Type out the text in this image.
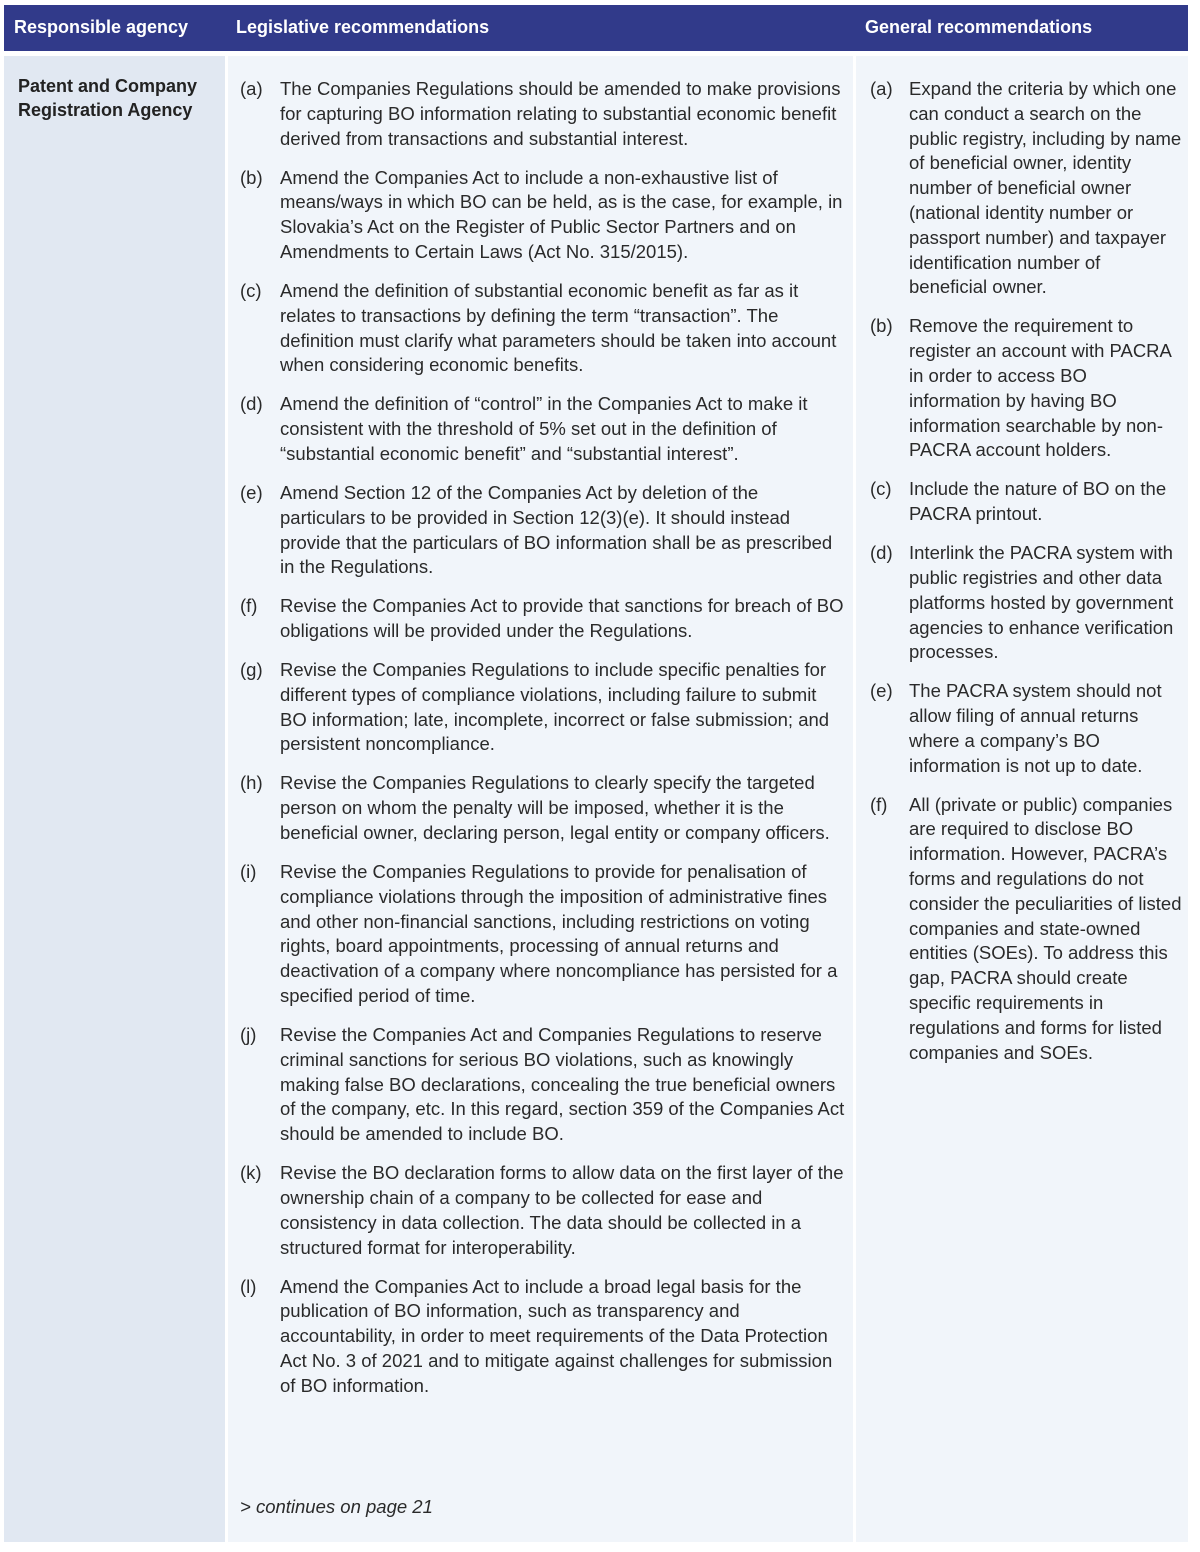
Responsible agency	Legislative recommendations	General recommendations
Patent and Company Registration Agency
(a) The Companies Regulations should be amended to make provisions for capturing BO information relating to substantial economic benefit derived from transactions and substantial interest.
(b) Amend the Companies Act to include a non-exhaustive list of means/ways in which BO can be held, as is the case, for example, in Slovakia’s Act on the Register of Public Sector Partners and on Amendments to Certain Laws (Act No. 315/2015).
(c) Amend the definition of substantial economic benefit as far as it relates to transactions by defining the term “transaction”. The definition must clarify what parameters should be taken into account when considering economic benefits.
(d) Amend the definition of “control” in the Companies Act to make it consistent with the threshold of 5% set out in the definition of “substantial economic benefit” and “substantial interest”.
(e) Amend Section 12 of the Companies Act by deletion of the particulars to be provided in Section 12(3)(e). It should instead provide that the particulars of BO information shall be as prescribed in the Regulations.
(f) Revise the Companies Act to provide that sanctions for breach of BO obligations will be provided under the Regulations.
(g) Revise the Companies Regulations to include specific penalties for different types of compliance violations, including failure to submit BO information; late, incomplete, incorrect or false submission; and persistent noncompliance.
(h) Revise the Companies Regulations to clearly specify the targeted person on whom the penalty will be imposed, whether it is the beneficial owner, declaring person, legal entity or company officers.
(i) Revise the Companies Regulations to provide for penalisation of compliance violations through the imposition of administrative fines and other non-financial sanctions, including restrictions on voting rights, board appointments, processing of annual returns and deactivation of a company where noncompliance has persisted for a specified period of time.
(j) Revise the Companies Act and Companies Regulations to reserve criminal sanctions for serious BO violations, such as knowingly making false BO declarations, concealing the true beneficial owners of the company, etc. In this regard, section 359 of the Companies Act should be amended to include BO.
(k) Revise the BO declaration forms to allow data on the first layer of the ownership chain of a company to be collected for ease and consistency in data collection. The data should be collected in a structured format for interoperability.
(l) Amend the Companies Act to include a broad legal basis for the publication of BO information, such as transparency and accountability, in order to meet requirements of the Data Protection Act No. 3 of 2021 and to mitigate against challenges for submission of BO information.
> continues on page 21
(a) Expand the criteria by which one can conduct a search on the public registry, including by name of beneficial owner, identity number of beneficial owner (national identity number or passport number) and taxpayer identification number of beneficial owner.
(b) Remove the requirement to register an account with PACRA in order to access BO information by having BO information searchable by non-PACRA account holders.
(c) Include the nature of BO on the PACRA printout.
(d) Interlink the PACRA system with public registries and other data platforms hosted by government agencies to enhance verification processes.
(e) The PACRA system should not allow filing of annual returns where a company’s BO information is not up to date.
(f) All (private or public) companies are required to disclose BO information. However, PACRA’s forms and regulations do not consider the peculiarities of listed companies and state-owned entities (SOEs). To address this gap, PACRA should create specific requirements in regulations and forms for listed companies and SOEs.
